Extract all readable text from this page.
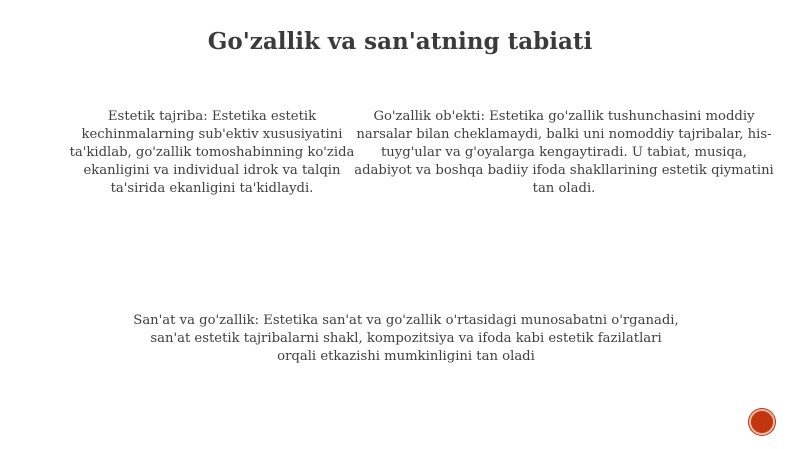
Go'zallik va san'atning tabiati

Estetik tajriba: Estetika estetik kechinmalarning sub'ektiv xususiyatini ta'kidlab, go'zallik tomoshabinning ko'zida ekanligini va individual idrok va talqin ta'sirida ekanligini ta'kidlaydi.

Go'zallik ob'ekti: Estetika go'zallik tushunchasini moddiy narsalar bilan cheklamaydi, balki uni nomoddiy tajribalar, his-tuyg'ular va g'oyalarga kengaytiradi. U tabiat, musiqa, adabiyot va boshqa badiiy ifoda shakllarining estetik qiymatini tan oladi.

San'at va go'zallik: Estetika san'at va go'zallik o'rtasidagi munosabatni o'rganadi, san'at estetik tajribalarni shakl, kompozitsiya va ifoda kabi estetik fazilatlari orqali etkazishi mumkinligini tan oladi
